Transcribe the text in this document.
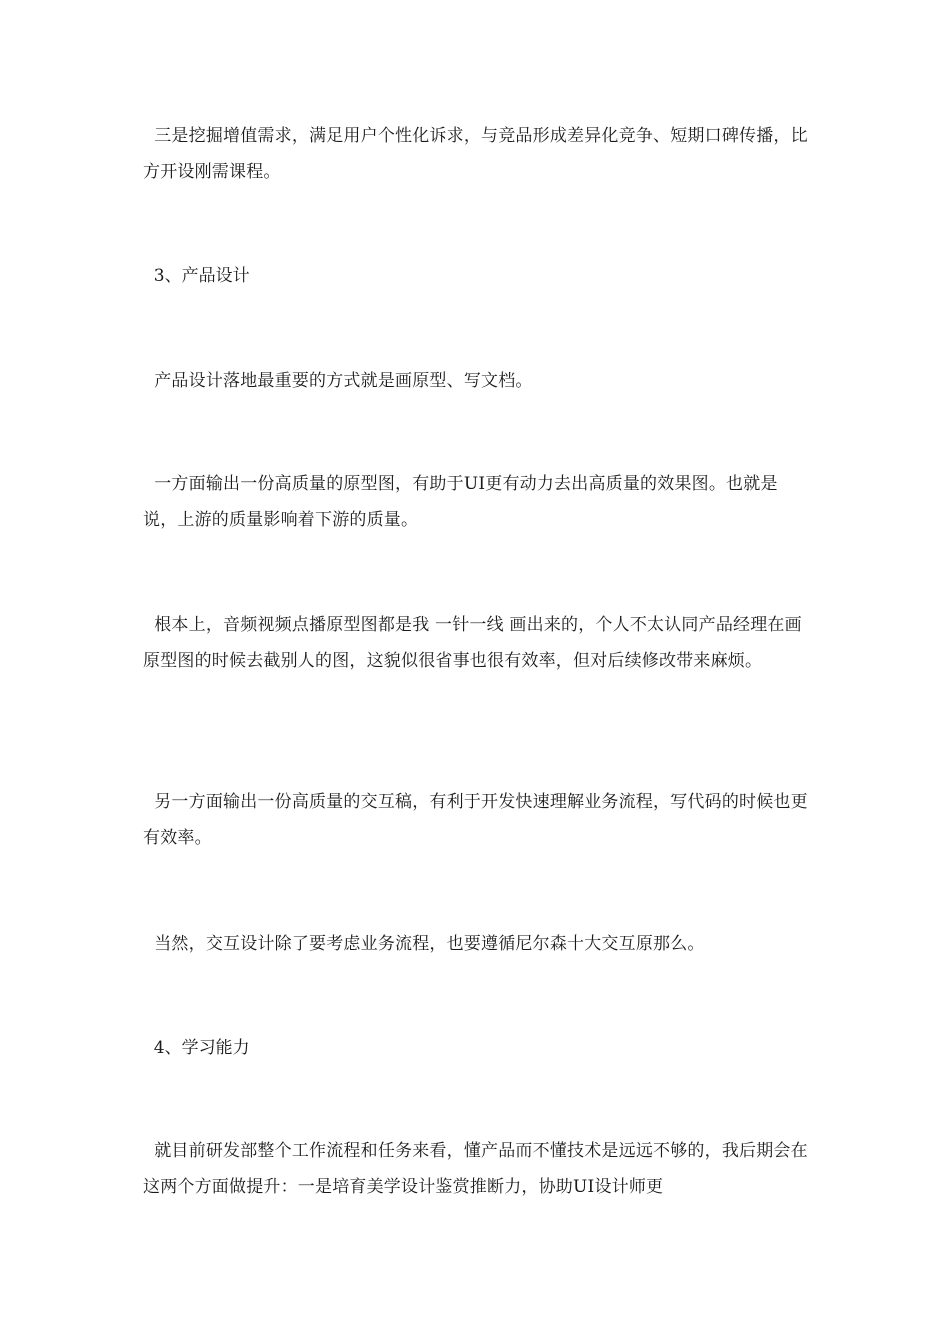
三是挖掘增值需求，满足用户个性化诉求，与竞品形成差异化竞争、短期口碑传播，比方开设刚需课程。

3、产品设计

产品设计落地最重要的方式就是画原型、写文档。

一方面输出一份高质量的原型图，有助于UI更有动力去出高质量的效果图。也就是说，上游的质量影响着下游的质量。

根本上，音频视频点播原型图都是我 一针一线 画出来的，个人不太认同产品经理在画原型图的时候去截别人的图，这貌似很省事也很有效率，但对后续修改带来麻烦。

另一方面输出一份高质量的交互稿，有利于开发快速理解业务流程，写代码的时候也更有效率。

当然，交互设计除了要考虑业务流程，也要遵循尼尔森十大交互原那么。

4、学习能力

就目前研发部整个工作流程和任务来看，懂产品而不懂技术是远远不够的，我后期会在这两个方面做提升：一是培育美学设计鉴赏推断力，协助UI设计师更
